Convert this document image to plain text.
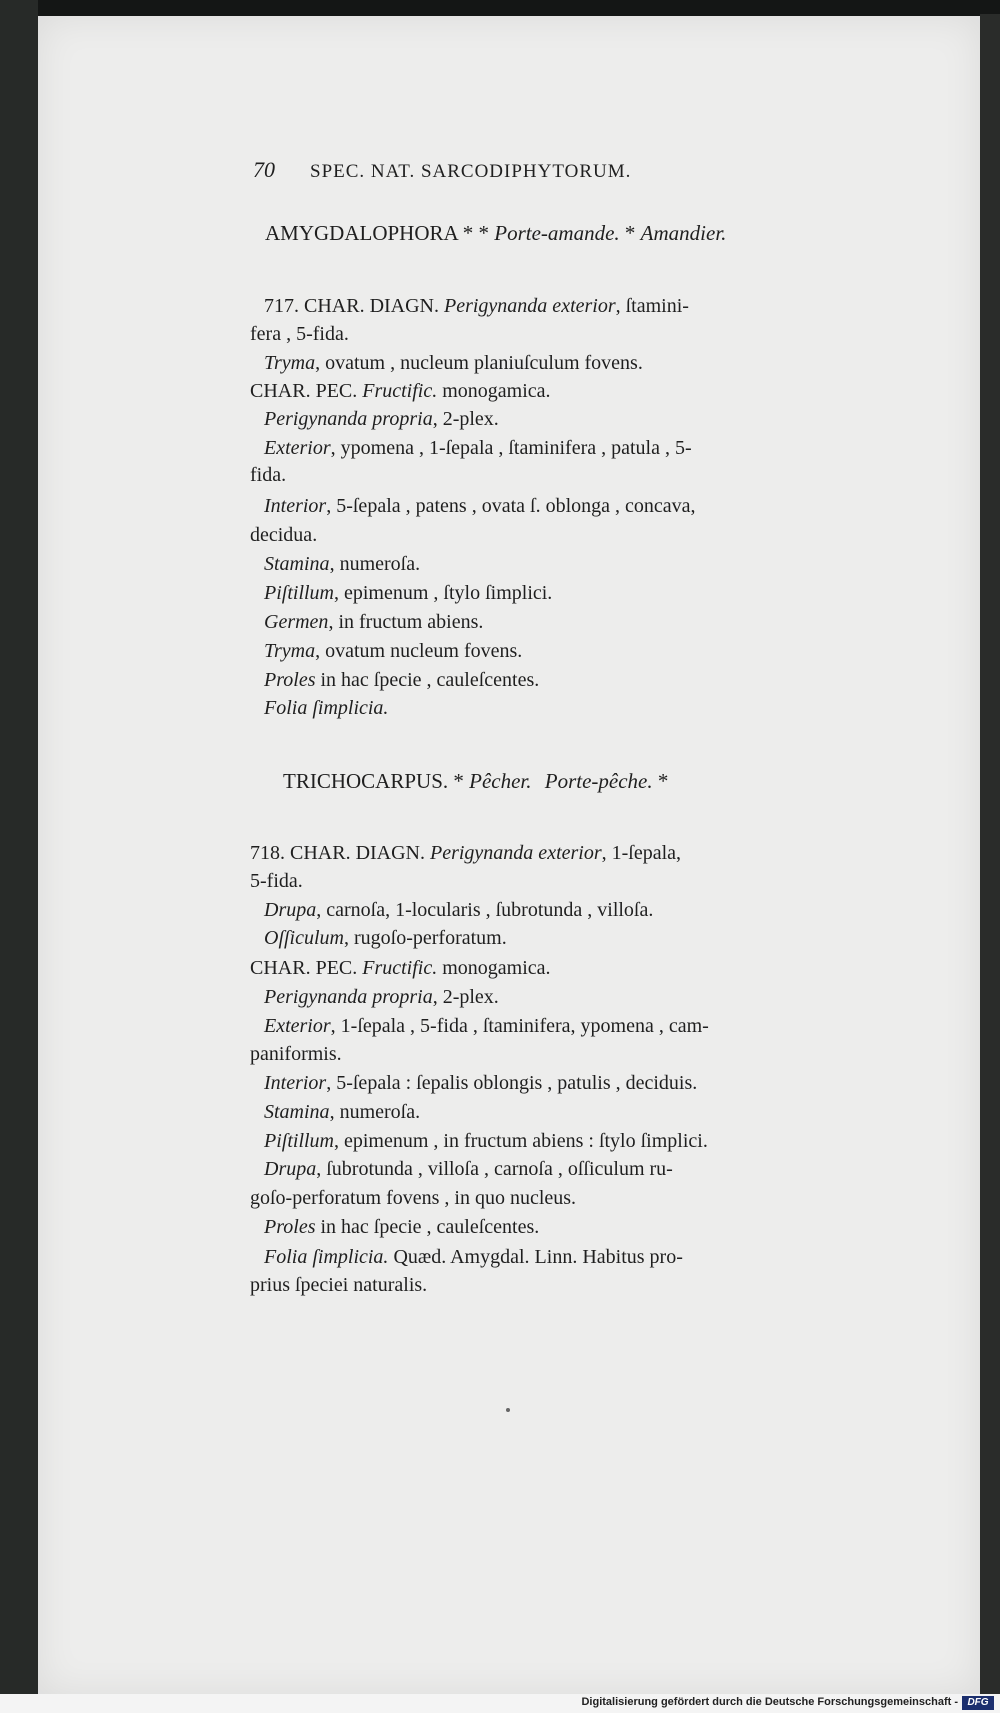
70 SPEC. NAT. SARCODIPHYTORUM.
AMYGDALOPHORA * * Porte-amande. * Amandier.
717. CHAR. DIAGN. Perigynanda exterior, ſtamini-
fera , 5-fida.
Tryma, ovatum , nucleum planiuſculum fovens.
CHAR. PEC. Fructific. monogamica.
Perigynanda propria, 2-plex.
Exterior, ypomena , 1-ſepala , ſtaminifera , patula , 5-
fida.
Interior, 5-ſepala , patens , ovata ſ. oblonga , concava,
decidua.
Stamina, numeroſa.
Piſtillum, epimenum , ſtylo ſimplici.
Germen, in fructum abiens.
Tryma, ovatum nucleum fovens.
Proles in hac ſpecie , cauleſcentes.
Folia ſimplicia.
TRICHOCARPUS. * Pêcher. Porte-pêche. *
718. CHAR. DIAGN. Perigynanda exterior, 1-ſepala,
5-fida.
Drupa, carnoſa, 1-locularis , ſubrotunda , villoſa.
Oſſiculum, rugoſo-perforatum.
CHAR. PEC. Fructific. monogamica.
Perigynanda propria, 2-plex.
Exterior, 1-ſepala , 5-fida , ſtaminifera, ypomena , cam-
paniformis.
Interior, 5-ſepala : ſepalis oblongis , patulis , deciduis.
Stamina, numeroſa.
Piſtillum, epimenum , in fructum abiens : ſtylo ſimplici.
Drupa, ſubrotunda , villoſa , carnoſa , oſſiculum ru-
goſo-perforatum fovens , in quo nucleus.
Proles in hac ſpecie , cauleſcentes.
Folia ſimplicia. Quæd. Amygdal. Linn. Habitus pro-
prius ſpeciei naturalis.
Digitalisierung gefördert durch die Deutsche Forschungsgemeinschaft - DFG
